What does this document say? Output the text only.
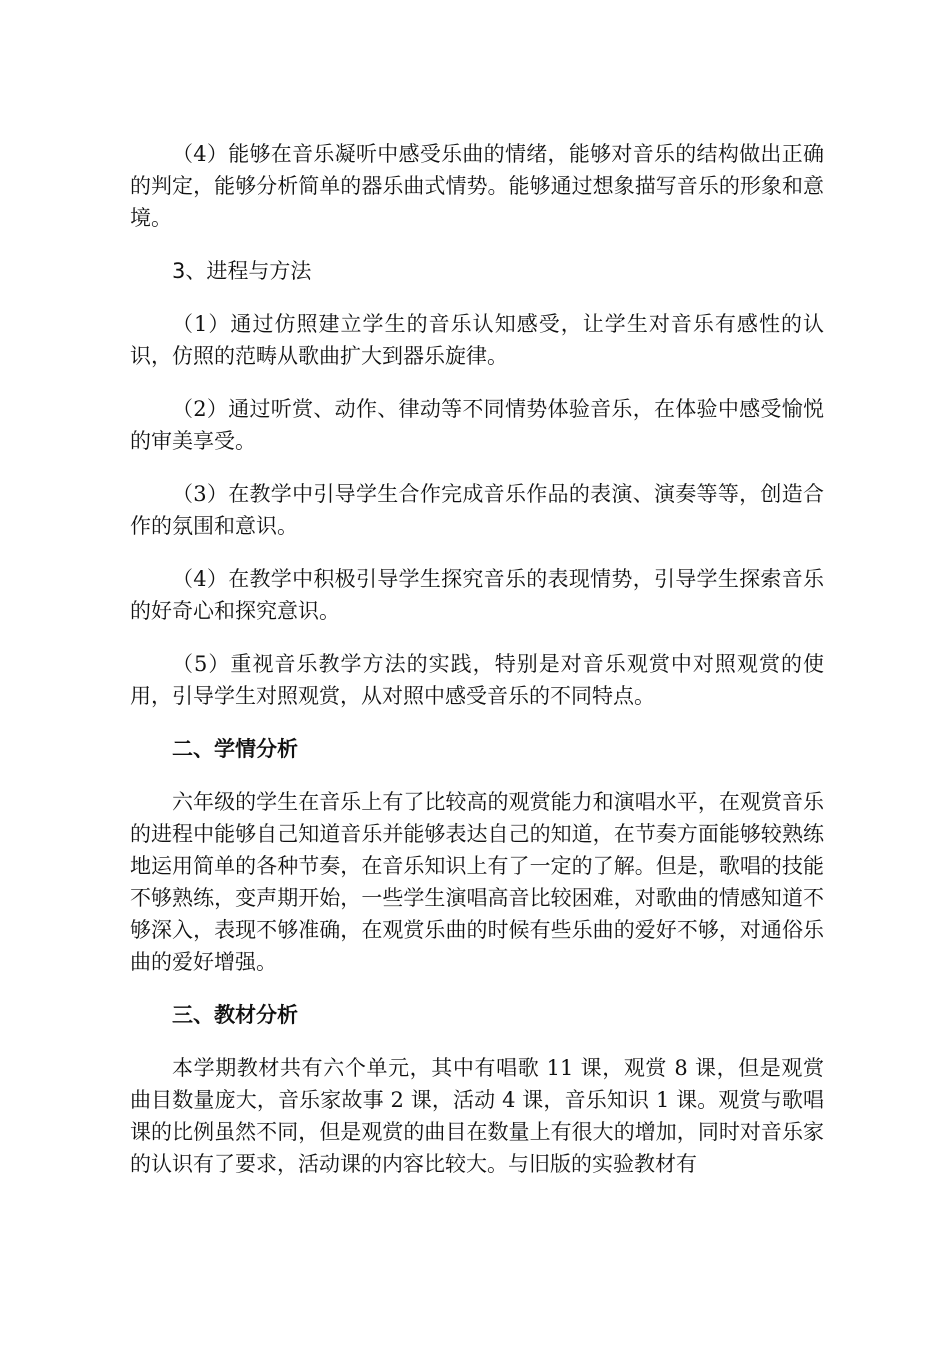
（4）能够在音乐凝听中感受乐曲的情绪，能够对音乐的结构做出正确的判定，能够分析简单的器乐曲式情势。能够通过想象描写音乐的形象和意境。

3、进程与方法

（1）通过仿照建立学生的音乐认知感受，让学生对音乐有感性的认识，仿照的范畴从歌曲扩大到器乐旋律。

（2）通过听赏、动作、律动等不同情势体验音乐，在体验中感受愉悦的审美享受。

（3）在教学中引导学生合作完成音乐作品的表演、演奏等等，创造合作的氛围和意识。

（4）在教学中积极引导学生探究音乐的表现情势，引导学生探索音乐的好奇心和探究意识。

（5）重视音乐教学方法的实践，特别是对音乐观赏中对照观赏的使用，引导学生对照观赏，从对照中感受音乐的不同特点。

二、学情分析

六年级的学生在音乐上有了比较高的观赏能力和演唱水平，在观赏音乐的进程中能够自己知道音乐并能够表达自己的知道，在节奏方面能够较熟练地运用简单的各种节奏，在音乐知识上有了一定的了解。但是，歌唱的技能不够熟练，变声期开始，一些学生演唱高音比较困难，对歌曲的情感知道不够深入，表现不够准确，在观赏乐曲的时候有些乐曲的爱好不够，对通俗乐曲的爱好增强。

三、教材分析

本学期教材共有六个单元，其中有唱歌 11 课，观赏 8 课，但是观赏曲目数量庞大，音乐家故事 2 课，活动 4 课，音乐知识 1 课。观赏与歌唱课的比例虽然不同，但是观赏的曲目在数量上有很大的增加，同时对音乐家的认识有了要求，活动课的内容比较大。与旧版的实验教材有
